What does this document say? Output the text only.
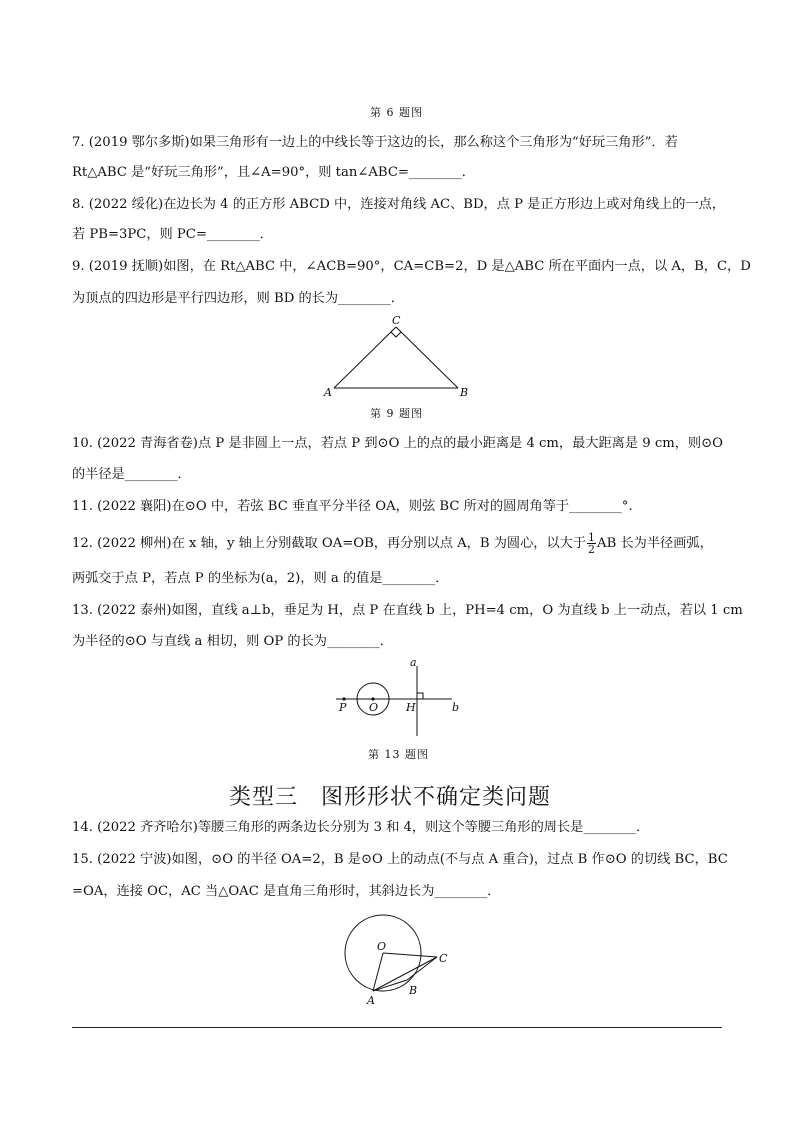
第 6 题图
7. (2019 鄂尔多斯)如果三角形有一边上的中线长等于这边的长，那么称这个三角形为“好玩三角形”．若
Rt△ABC 是“好玩三角形”，且∠A=90°，则 tan∠ABC=________．
8. (2022 绥化)在边长为 4 的正方形 ABCD 中，连接对角线 AC、BD，点 P 是正方形边上或对角线上的一点，
若 PB=3PC，则 PC=________．
9. (2019 抚顺)如图，在 Rt△ABC 中，∠ACB=90°，CA=CB=2，D 是△ABC 所在平面内一点，以 A，B，C，D
为顶点的四边形是平行四边形，则 BD 的长为________．
C
A	B
第 9 题图
10. (2022 青海省卷)点 P 是非圆上一点，若点 P 到⊙O 上的点的最小距离是 4 cm，最大距离是 9 cm，则⊙O
的半径是________．
11. (2022 襄阳)在⊙O 中，若弦 BC 垂直平分半径 OA，则弦 BC 所对的圆周角等于________°.
12. (2022 柳州)在 x 轴，y 轴上分别截取 OA=OB，再分别以点 A，B 为圆心，以大于 $\frac{1}{2}$ AB 长为半径画弧，
两弧交于点 P，若点 P 的坐标为(a，2)，则 a 的值是________．
13. (2022 泰州)如图，直线 a⊥b，垂足为 H，点 P 在直线 b 上，PH=4 cm，O 为直线 b 上一动点，若以 1 cm
为半径的⊙O 与直线 a 相切，则 OP 的长为________．
a
b
P O	H
第 13 题图
类型三　图形形状不确定类问题
14. (2022 齐齐哈尔)等腰三角形的两条边长分别为 3 和 4，则这个等腰三角形的周长是________．
15. (2022 宁波)如图，⊙O 的半径 OA=2，B 是⊙O 上的动点(不与点 A 重合)，过点 B 作⊙O 的切线 BC，BC
=OA，连接 OC，AC 当△OAC 是直角三角形时，其斜边长为________．
O
A
B
C
